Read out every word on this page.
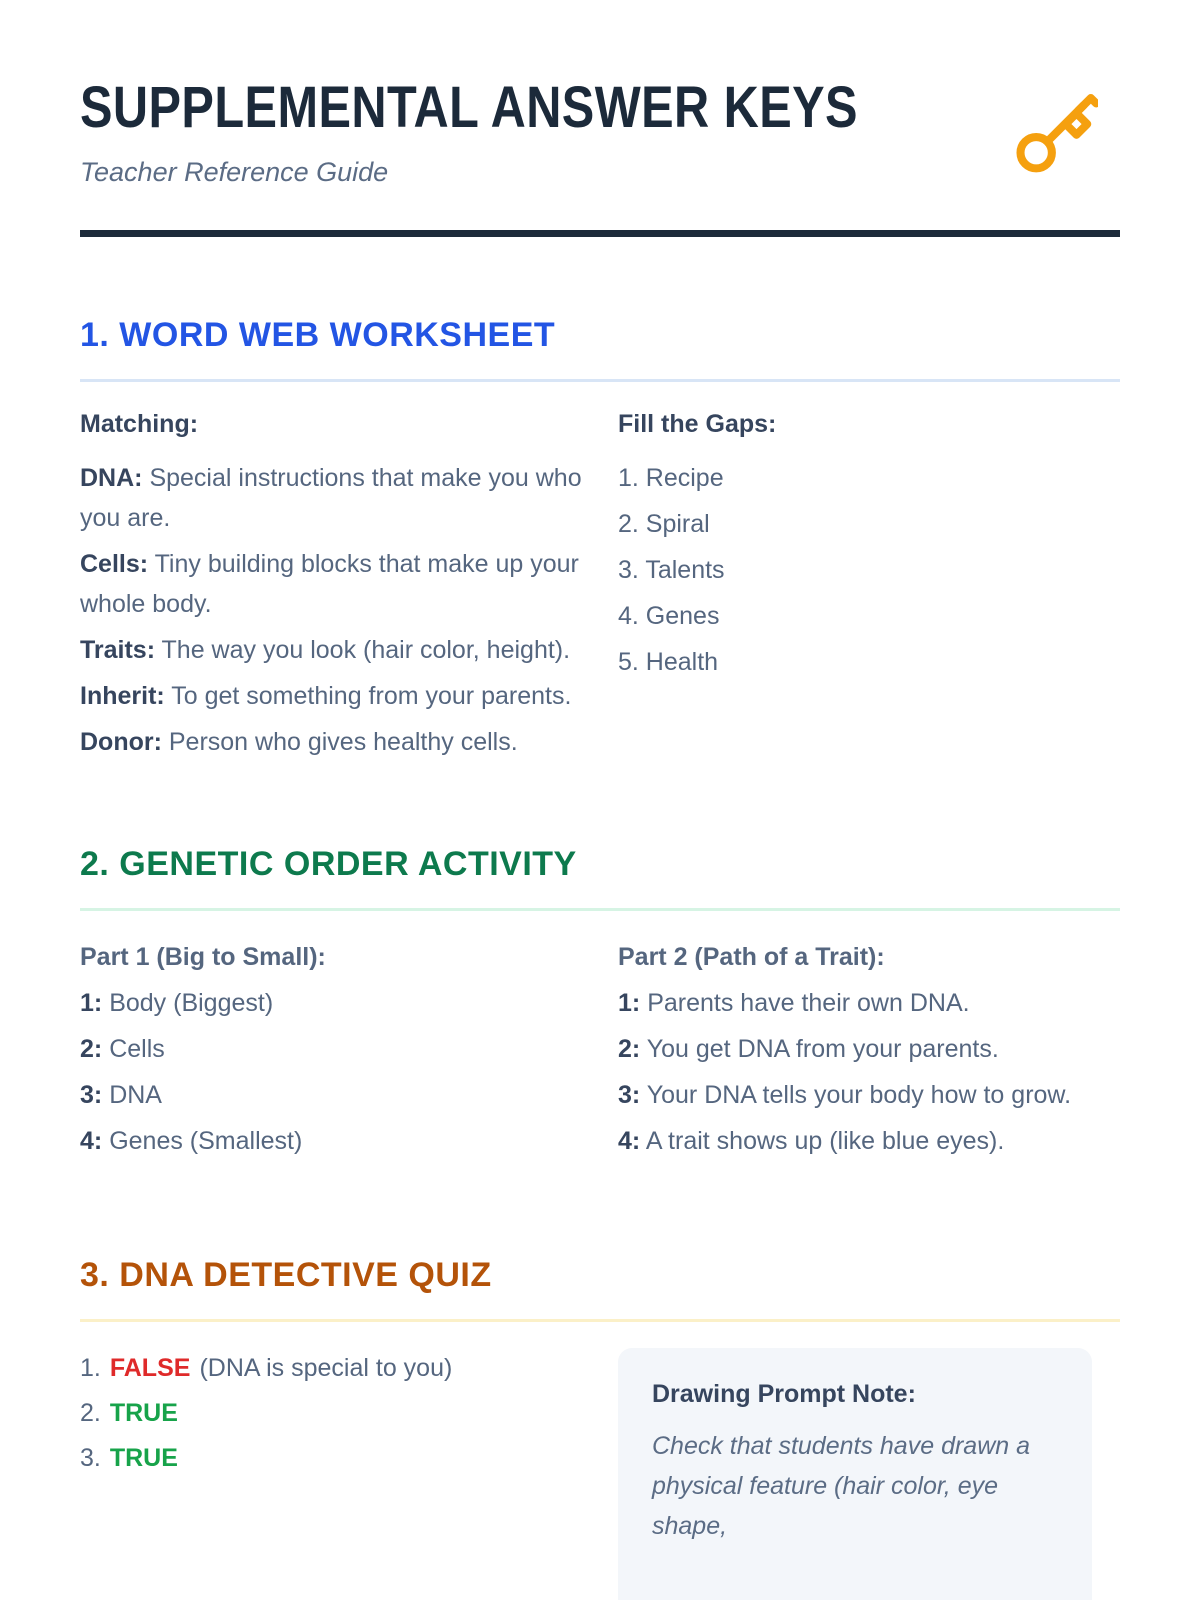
SUPPLEMENTAL ANSWER KEYS

Teacher Reference Guide

1. WORD WEB WORKSHEET
Matching:

DNA: Special instructions that make you who you are.

Cells: Tiny building blocks that make up your whole body.

Traits: The way you look (hair color, height).

Inherit: To get something from your parents.

Donor: Person who gives healthy cells.

Fill the Gaps:
1. Recipe
2. Spiral
3. Talents
4. Genes
5. Health
2. GENETIC ORDER ACTIVITY
Part 1 (Big to Small):
1: Body (Biggest)
2: Cells
3: DNA
4: Genes (Smallest)
Part 2 (Path of a Trait):
1: Parents have their own DNA.
2: You get DNA from your parents.
3: Your DNA tells your body how to grow.
4: A trait shows up (like blue eyes).
3. DNA DETECTIVE QUIZ
1. FALSE (DNA is special to you)
2. TRUE
3. TRUE
Drawing Prompt Note:
Check that students have drawn a physical feature (hair color, eye shape,
